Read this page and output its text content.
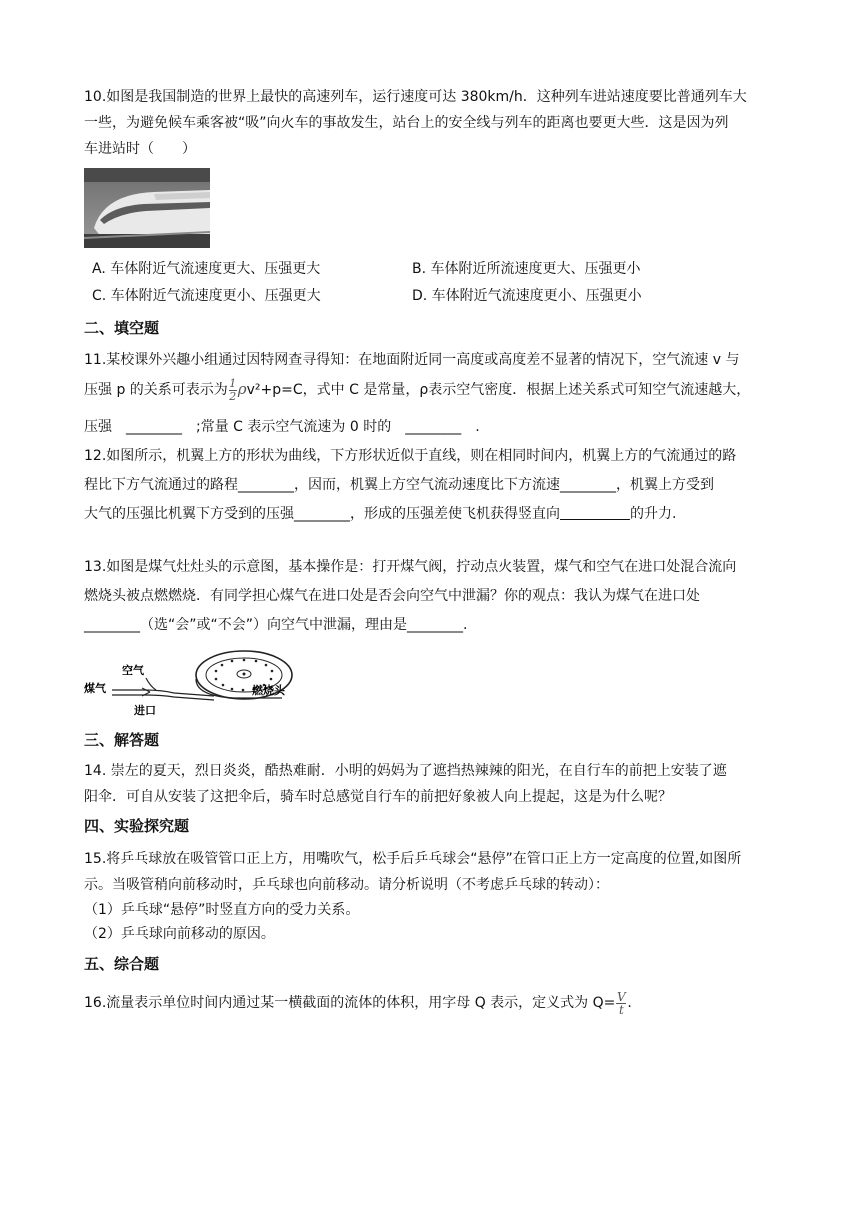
10.如图是我国制造的世界上最快的高速列车，运行速度可达 380km/h．这种列车进站速度要比普通列车大

一些，为避免候车乘客被“吸”向火车的事故发生，站台上的安全线与列车的距离也要更大些．这是因为列

车进站时（　　）

A. 车体附近气流速度更大、压强更大	B. 车体附近所流速度更大、压强更小

C. 车体附近气流速度更小、压强更大	D. 车体附近气流速度更小、压强更小

二、填空题

11.某校课外兴趣小组通过因特网查寻得知：在地面附近同一高度或高度差不显著的情况下，空气流速 v 与

压强 p 的关系可表示为 $\frac{1}{2} \rho v^2+p=C$，式中 C 是常量，ρ表示空气密度．根据上述关系式可知空气流速越大，

压强　________　;常量 C 表示空气流速为 0 时的　________　.

12.如图所示，机翼上方的形状为曲线，下方形状近似于直线，则在相同时间内，机翼上方的气流通过的路

程比下方气流通过的路程________，因而，机翼上方空气流动速度比下方流速________，机翼上方受到

大气的压强比机翼下方受到的压强________，形成的压强差使飞机获得竖直向　　　　　	的升力.

13.如图是煤气灶灶头的示意图，基本操作是：打开煤气阀，拧动点火装置，煤气和空气在进口处混合流向

燃烧头被点燃燃烧．有同学担心煤气在进口处是否会向空气中泄漏？你的观点：我认为煤气在进口处

________（选“会”或“不会”）向空气中泄漏，理由是________.

煤气
空气
进口
燃烧头
三、解答题

14. 崇左的夏天，烈日炎炎，酷热难耐．小明的妈妈为了遮挡热辣辣的阳光，在自行车的前把上安装了遮

阳伞．可自从安装了这把伞后，骑车时总感觉自行车的前把好象被人向上提起，这是为什么呢？

四、实验探究题

15.将乒乓球放在吸管管口正上方，用嘴吹气，松手后乒乓球会“悬停”在管口正上方一定高度的位置,如图所

示。当吸管稍向前移动时，乒乓球也向前移动。请分析说明（不考虑乒乓球的转动）：

（1）乒乓球“悬停”时竖直方向的受力关系。

（2）乒乓球向前移动的原因。

五、综合题

16.流量表示单位时间内通过某一横截面的流体的体积，用字母 Q 表示，定义式为 $Q= \frac{V}{t}$ .
